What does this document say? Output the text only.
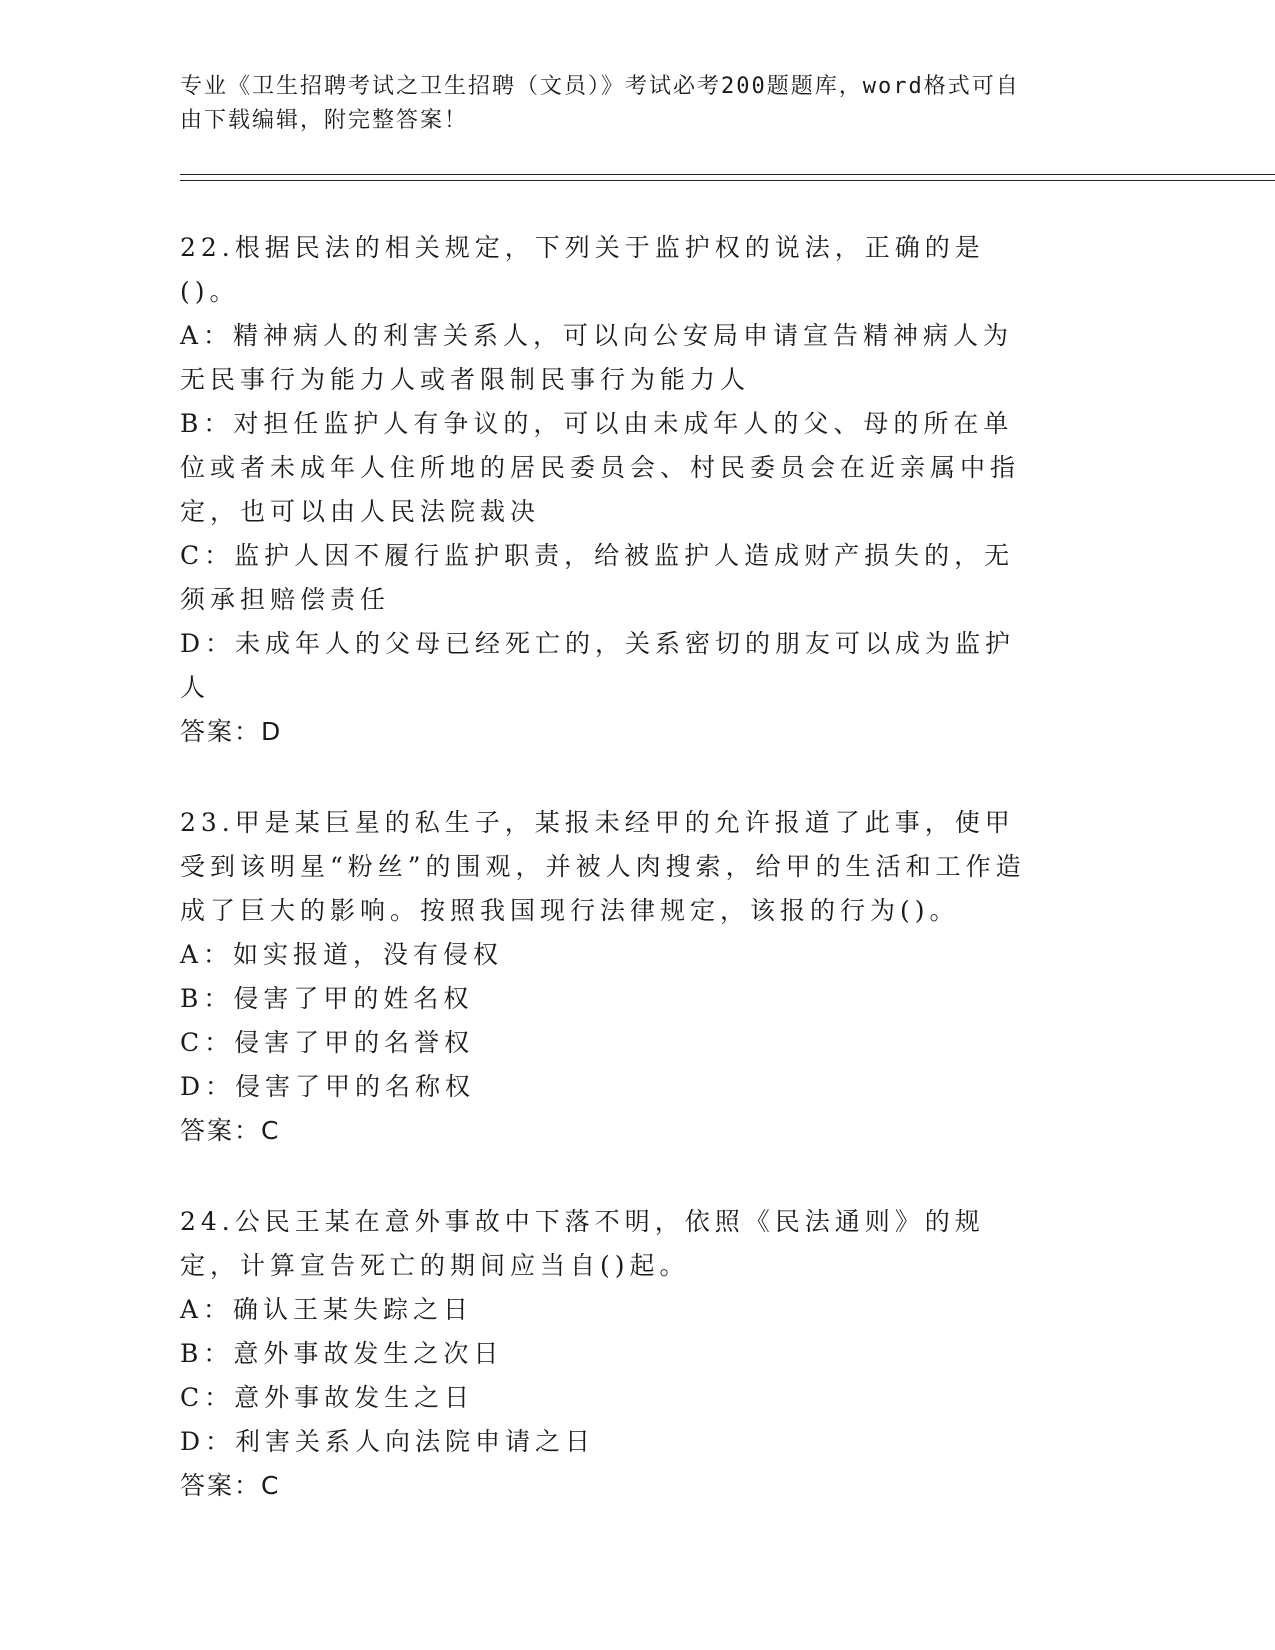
专业《卫生招聘考试之卫生招聘（文员）》考试必考200题题库，word格式可自由下载编辑，附完整答案！
22.根据民法的相关规定，下列关于监护权的说法，正确的是()。
A：精神病人的利害关系人，可以向公安局申请宣告精神病人为无民事行为能力人或者限制民事行为能力人
B：对担任监护人有争议的，可以由未成年人的父、母的所在单位或者未成年人住所地的居民委员会、村民委员会在近亲属中指定，也可以由人民法院裁决
C：监护人因不履行监护职责，给被监护人造成财产损失的，无须承担赔偿责任
D：未成年人的父母已经死亡的，关系密切的朋友可以成为监护人
答案：D
23.甲是某巨星的私生子，某报未经甲的允许报道了此事，使甲受到该明星“粉丝”的围观，并被人肉搜索，给甲的生活和工作造成了巨大的影响。按照我国现行法律规定，该报的行为()。
A：如实报道，没有侵权
B：侵害了甲的姓名权
C：侵害了甲的名誉权
D：侵害了甲的名称权
答案：C
24.公民王某在意外事故中下落不明，依照《民法通则》的规定，计算宣告死亡的期间应当自()起。
A：确认王某失踪之日
B：意外事故发生之次日
C：意外事故发生之日
D：利害关系人向法院申请之日
答案：C
